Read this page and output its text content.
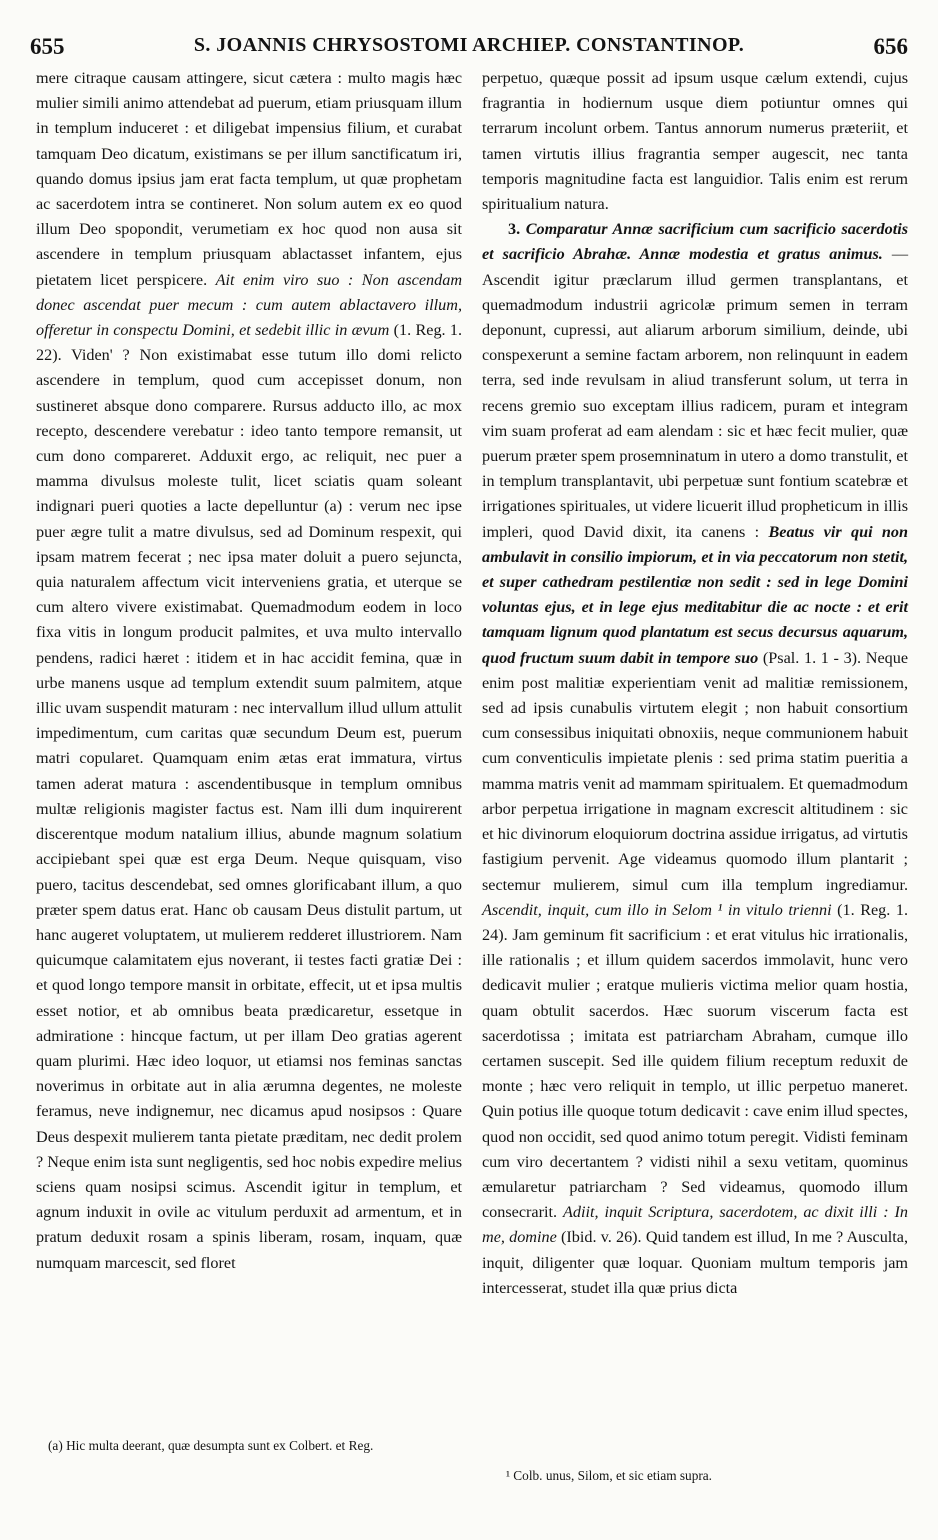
655	S. JOANNIS CHRYSOSTOMI ARCHIEP. CONSTANTINOP.	656

mere citraque causam attingere, sicut cætera : multo magis hæc mulier simili animo attendebat ad puerum, etiam priusquam illum in templum induceret : et diligebat impensius filium, et curabat tamquam Deo dicatum, existimans se per illum sanctificatum iri, quando domus ipsius jam erat facta templum, ut quæ prophetam ac sacerdotem intra se contineret. Non solum autem ex eo quod illum Deo spopondit, verumetiam ex hoc quod non ausa sit ascendere in templum priusquam ablactasset infantem, ejus pietatem licet perspicere. Ait enim viro suo : Non ascendam donec ascendat puer mecum : cum autem ablactavero illum, offeretur in conspectu Domini, et sedebit illic in ævum (1. Reg. 1. 22). Viden' ? Non existimabat esse tutum illo domi relicto ascendere in templum, quod cum accepisset donum, non sustineret absque dono comparere. Rursus adducto illo, ac mox recepto, descendere verebatur : ideo tanto tempore remansit, ut cum dono compareret. Adduxit ergo, ac reliquit, nec puer a mamma divulsus moleste tulit, licet sciatis quam soleant indignari pueri quoties a lacte depelluntur (a) : verum nec ipse puer ægre tulit a matre divulsus, sed ad Dominum respexit, qui ipsam matrem fecerat ; nec ipsa mater doluit a puero sejuncta, quia naturalem affectum vicit interveniens gratia, et uterque se cum altero vivere existimabat. Quemadmodum eodem in loco fixa vitis in longum producit palmites, et uva multo intervallo pendens, radici hæret : itidem et in hac accidit femina, quæ in urbe manens usque ad templum extendit suum palmitem, atque illic uvam suspendit maturam : nec intervallum illud ullum attulit impedimentum, cum caritas quæ secundum Deum est, puerum matri copularet. Quamquam enim ætas erat immatura, virtus tamen aderat matura : ascendentibusque in templum omnibus multæ religionis magister factus est. Nam illi dum inquirerent discerentque modum natalium illius, abunde magnum solatium accipiebant spei quæ est erga Deum. Neque quisquam, viso puero, tacitus descendebat, sed omnes glorificabant illum, a quo præter spem datus erat. Hanc ob causam Deus distulit partum, ut hanc augeret voluptatem, ut mulierem redderet illustriorem. Nam quicumque calamitatem ejus noverant, ii testes facti gratiæ Dei : et quod longo tempore mansit in orbitate, effecit, ut et ipsa multis esset notior, et ab omnibus beata prædicaretur, essetque in admiratione : hincque factum, ut per illam Deo gratias agerent quam plurimi. Hæc ideo loquor, ut etiamsi nos feminas sanctas noverimus in orbitate aut in alia ærumna degentes, ne moleste feramus, neve indignemur, nec dicamus apud nosipsos : Quare Deus despexit mulierem tanta pietate præditam, nec dedit prolem ? Neque enim ista sunt negligentis, sed hoc nobis expedire melius sciens quam nosipsi scimus. Ascendit igitur in templum, et agnum induxit in ovile ac vitulum perduxit ad armentum, et in pratum deduxit rosam a spinis liberam, rosam, inquam, quæ numquam marcescit, sed floret

(a) Hic multa deerant, quæ desumpta sunt ex Colbert. et Reg.

perpetuo, quæque possit ad ipsum usque cælum extendi, cujus fragrantia in hodiernum usque diem potiuntur omnes qui terrarum incolunt orbem. Tantus annorum numerus præteriit, et tamen virtutis illius fragrantia semper augescit, nec tanta temporis magnitudine facta est languidior. Talis enim est rerum spiritualium natura.

3. Comparatur Annæ sacrificium cum sacrificio sacerdotis et sacrificio Abrahæ. Annæ modestia et gratus animus. — Ascendit igitur præclarum illud germen transplantans, et quemadmodum industrii agricolæ primum semen in terram deponunt, cupressi, aut aliarum arborum similium, deinde, ubi conspexerunt a semine factam arborem, non relinquunt in eadem terra, sed inde revulsam in aliud transferunt solum, ut terra in recens gremio suo exceptam illius radicem, puram et integram vim suam proferat ad eam alendam : sic et hæc fecit mulier, quæ puerum præter spem prosemninatum in utero a domo transtulit, et in templum transplantavit, ubi perpetuæ sunt fontium scatebræ et irrigationes spirituales, ut videre licuerit illud propheticum in illis impleri, quod David dixit, ita canens : Beatus vir qui non ambulavit in consilio impiorum, et in via peccatorum non stetit, et super cathedram pestilentiæ non sedit : sed in lege Domini voluntas ejus, et in lege ejus meditabitur die ac nocte : et erit tamquam lignum quod plantatum est secus decursus aquarum, quod fructum suum dabit in tempore suo (Psal. 1. 1 - 3). Neque enim post malitiæ experientiam venit ad malitiæ remissionem, sed ad ipsis cunabulis virtutem elegit ; non habuit consortium cum consessibus iniquitati obnoxiis, neque communionem habuit cum conventiculis impietate plenis : sed prima statim pueritia a mamma matris venit ad mammam spiritualem. Et quemadmodum arbor perpetua irrigatione in magnam excrescit altitudinem : sic et hic divinorum eloquiorum doctrina assidue irrigatus, ad virtutis fastigium pervenit. Age videamus quomodo illum plantarit ; sectemur mulierem, simul cum illa templum ingrediamur. Ascendit, inquit, cum illo in Selom ¹ in vitulo trienni (1. Reg. 1. 24). Jam geminum fit sacrificium : et erat vitulus hic irrationalis, ille rationalis ; et illum quidem sacerdos immolavit, hunc vero dedicavit mulier ; eratque mulieris victima melior quam hostia, quam obtulit sacerdos. Hæc suorum viscerum facta est sacerdotissa ; imitata est patriarcham Abraham, cumque illo certamen suscepit. Sed ille quidem filium receptum reduxit de monte ; hæc vero reliquit in templo, ut illic perpetuo maneret. Quin potius ille quoque totum dedicavit : cave enim illud spectes, quod non occidit, sed quod animo totum peregit. Vidisti feminam cum viro decertantem ? vidisti nihil a sexu vetitam, quominus æmularetur patriarcham ? Sed videamus, quomodo illum consecrarit. Adiit, inquit Scriptura, sacerdotem, ac dixit illi : In me, domine (Ibid. v. 26). Quid tandem est illud, In me ? Ausculta, inquit, diligenter quæ loquar. Quoniam multum temporis jam intercesserat, studet illa quæ prius dicta

¹ Colb. unus, Silom, et sic etiam supra.
